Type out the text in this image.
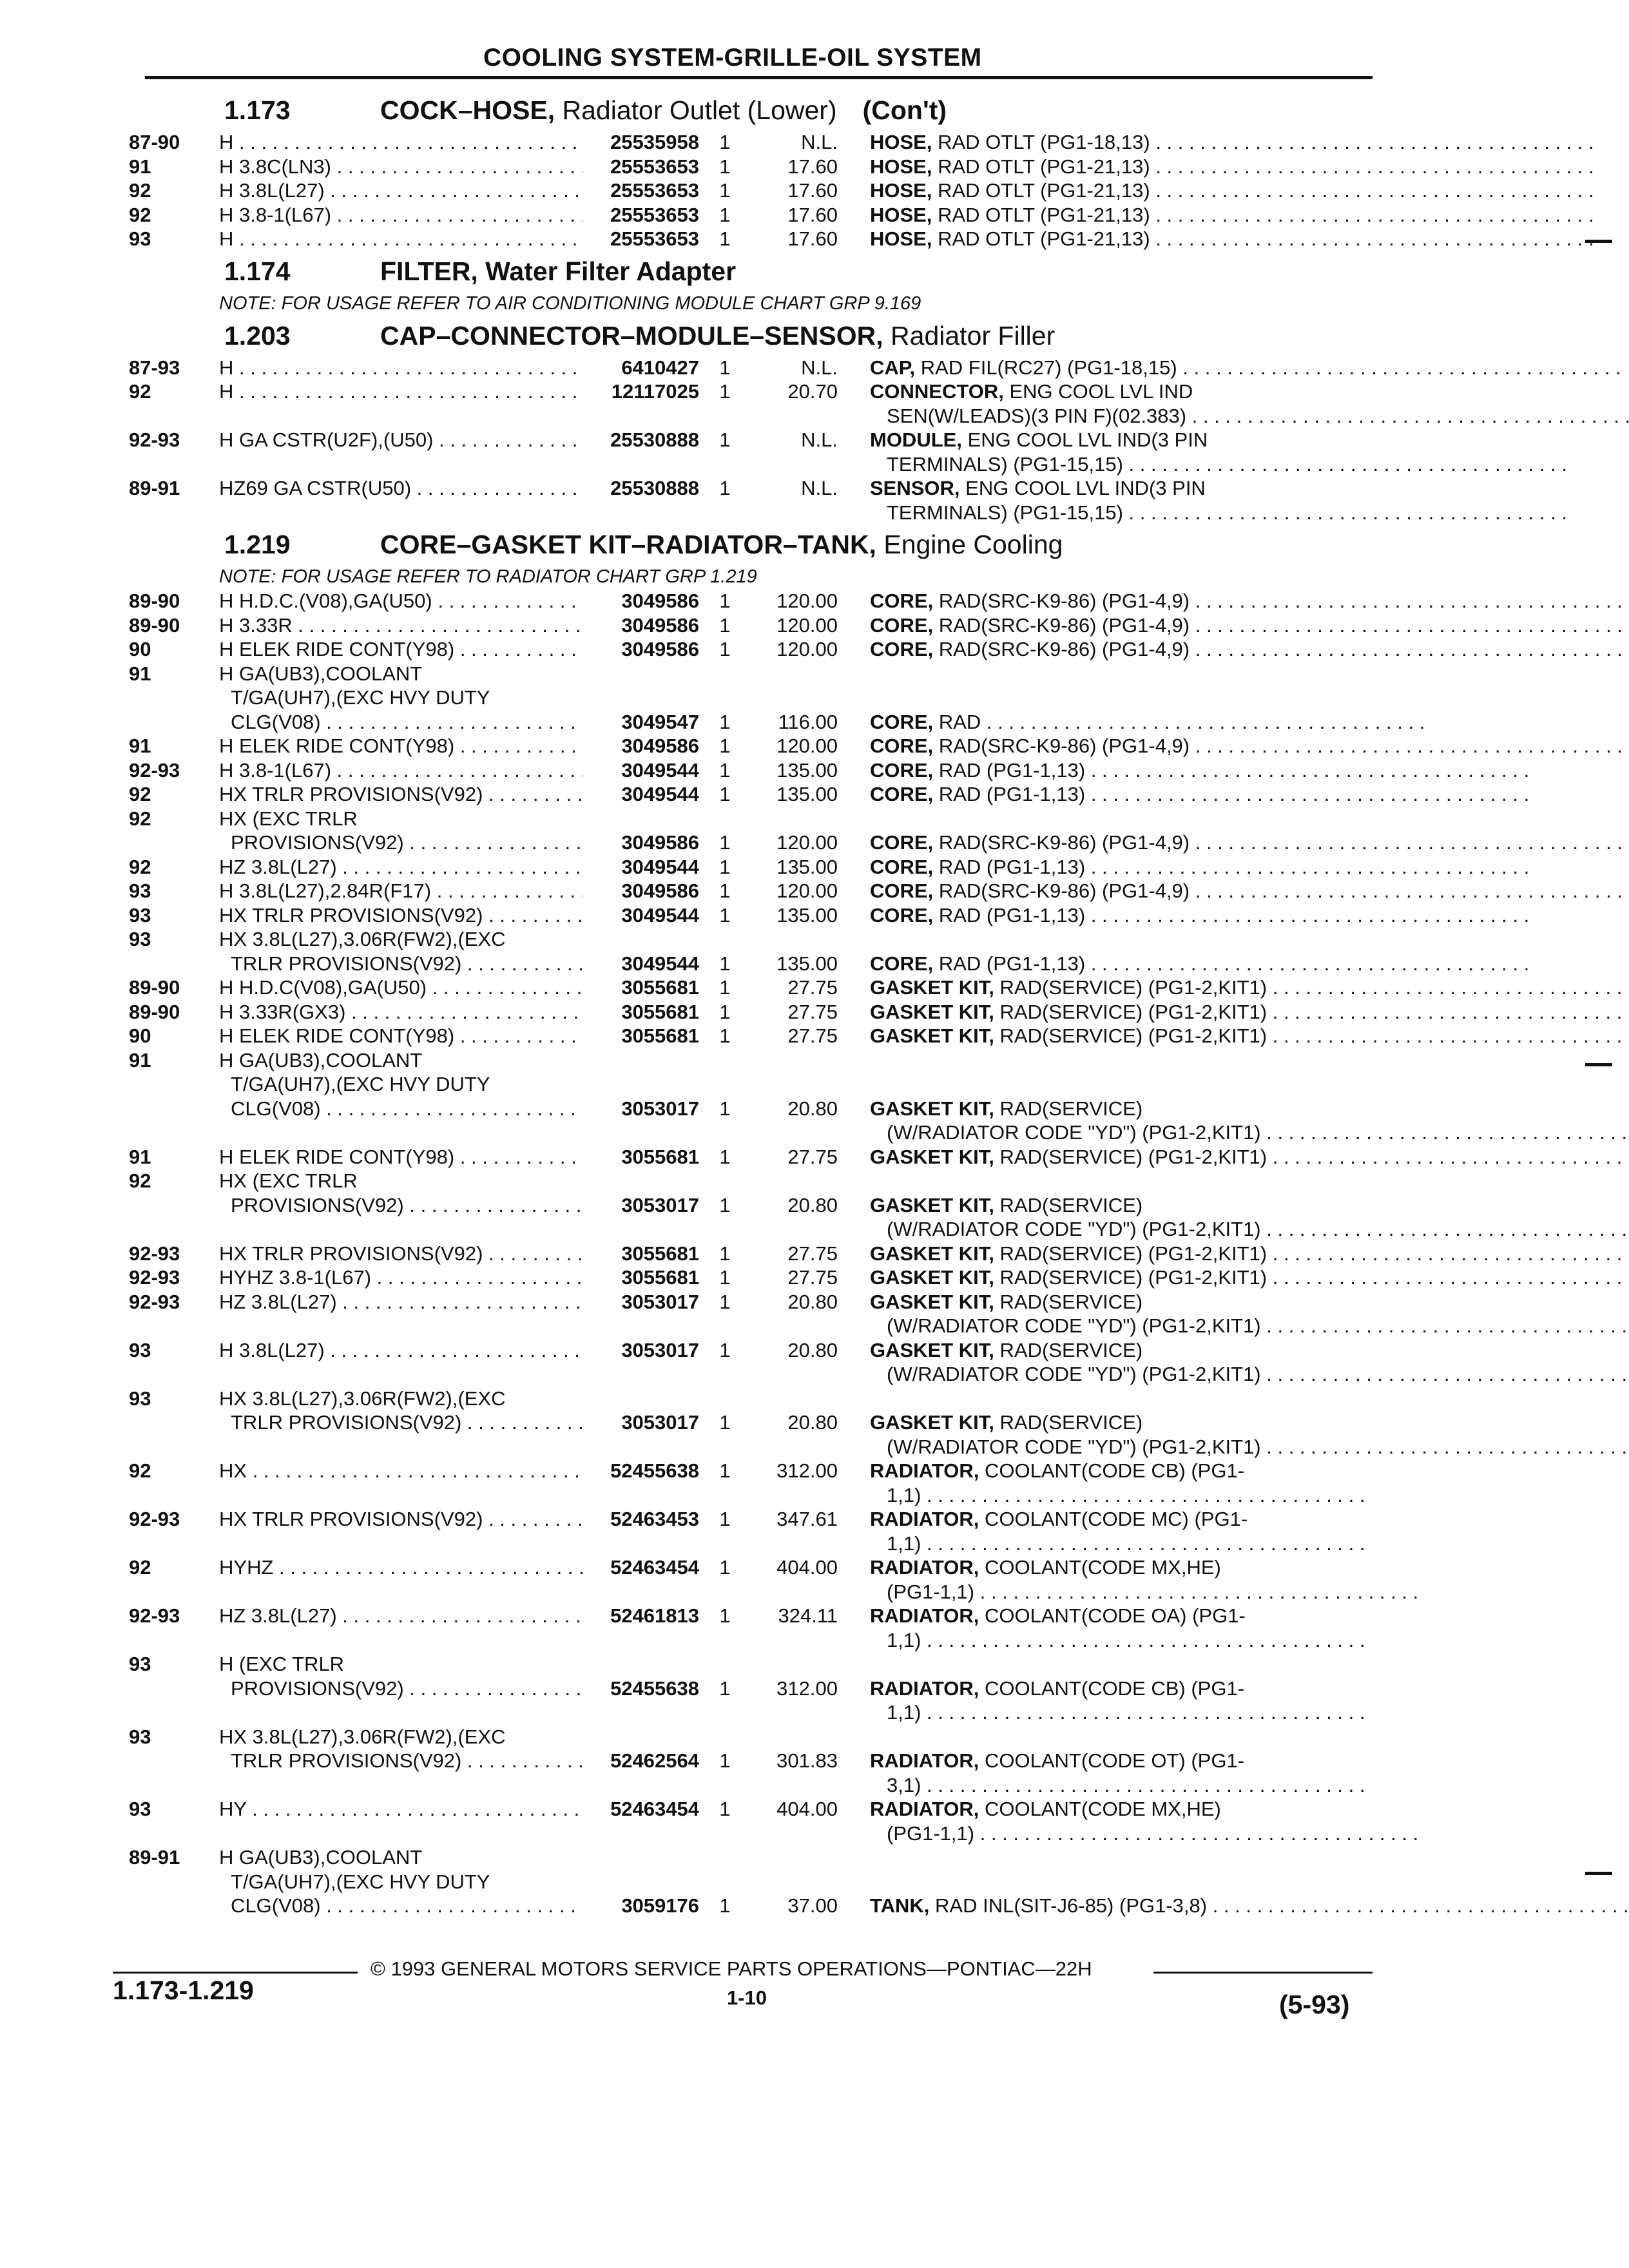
COOLING SYSTEM-GRILLE-OIL SYSTEM
1.173	COCK–HOSE, Radiator Outlet (Lower) (Con't)
87-90	H . . .	25535958	1	N.L. HOSE, RAD OTLT (PG1-18,13) . . .
91	H 3.8C(LN3) . . .	25553653	1	17.60 HOSE, RAD OTLT (PG1-21,13) . . .
92	H 3.8L(L27) . . .	25553653	1	17.60 HOSE, RAD OTLT (PG1-21,13) . . .
92	H 3.8-1(L67) . . .	25553653	1	17.60 HOSE, RAD OTLT (PG1-21,13) . . .
93	H . . .	25553653	1	17.60 HOSE, RAD OTLT (PG1-21,13) . . .
1.174	FILTER, Water Filter Adapter
NOTE: FOR USAGE REFER TO AIR CONDITIONING MODULE CHART GRP 9.169
1.203	CAP–CONNECTOR–MODULE–SENSOR, Radiator Filler
87-93	H . . .	6410427	1	N.L. CAP, RAD FIL(RC27) (PG1-18,15) . . .
92	H . . .	12117025	1	20.70 CONNECTOR, ENG COOL LVL IND
SEN(W/LEADS)(3 PIN F)(02.383) . . .
92-93	H GA CSTR(U2F),(U50) . . .	25530888	1	N.L. MODULE, ENG COOL LVL IND(3 PIN
TERMINALS) (PG1-15,15) . . .
89-91	HZ69 GA CSTR(U50) . . .	25530888	1	N.L. SENSOR, ENG COOL LVL IND(3 PIN
TERMINALS) (PG1-15,15) . . .
1.219	CORE–GASKET KIT–RADIATOR–TANK, Engine Cooling
NOTE: FOR USAGE REFER TO RADIATOR CHART GRP 1.219
89-90	H H.D.C.(V08),GA(U50) . . .	3049586	1	120.00 CORE, RAD(SRC-K9-86) (PG1-4,9) . . .
89-90	H 3.33R . . .	3049586	1	120.00 CORE, RAD(SRC-K9-86) (PG1-4,9) . . .
90	H ELEK RIDE CONT(Y98) . . .	3049586	1	120.00 CORE, RAD(SRC-K9-86) (PG1-4,9) . . .
91	H GA(UB3),COOLANT
T/GA(UH7),(EXC HVY DUTY
CLG(V08) . . .	3049547	1	116.00 CORE, RAD . . .
91	H ELEK RIDE CONT(Y98) . . .	3049586	1	120.00 CORE, RAD(SRC-K9-86) (PG1-4,9) . . .
92-93	H 3.8-1(L67) . . .	3049544	1	135.00 CORE, RAD (PG1-1,13) . . .
92	HX TRLR PROVISIONS(V92) . . .	3049544	1	135.00 CORE, RAD (PG1-1,13) . . .
92	HX (EXC TRLR
PROVISIONS(V92) . . .	3049586	1	120.00 CORE, RAD(SRC-K9-86) (PG1-4,9) . . .
92	HZ 3.8L(L27) . . .	3049544	1	135.00 CORE, RAD (PG1-1,13) . . .
93	H 3.8L(L27),2.84R(F17) . . .	3049586	1	120.00 CORE, RAD(SRC-K9-86) (PG1-4,9) . . .
93	HX TRLR PROVISIONS(V92) . . .	3049544	1	135.00 CORE, RAD (PG1-1,13) . . .
93	HX 3.8L(L27),3.06R(FW2),(EXC
TRLR PROVISIONS(V92) . . .	3049544	1	135.00 CORE, RAD (PG1-1,13) . . .
89-90	H H.D.C(V08),GA(U50) . . .	3055681	1	27.75 GASKET KIT, RAD(SERVICE) (PG1-2,KIT1) . . .
89-90	H 3.33R(GX3) . . .	3055681	1	27.75 GASKET KIT, RAD(SERVICE) (PG1-2,KIT1) . . .
90	H ELEK RIDE CONT(Y98) . . .	3055681	1	27.75 GASKET KIT, RAD(SERVICE) (PG1-2,KIT1) . . .
91	H GA(UB3),COOLANT
T/GA(UH7),(EXC HVY DUTY
CLG(V08) . . .	3053017	1	20.80 GASKET KIT, RAD(SERVICE)
(W/RADIATOR CODE "YD") (PG1-2,KIT1) . . .
91	H ELEK RIDE CONT(Y98) . . .	3055681	1	27.75 GASKET KIT, RAD(SERVICE) (PG1-2,KIT1) . . .
92	HX (EXC TRLR
PROVISIONS(V92) . . .	3053017	1	20.80 GASKET KIT, RAD(SERVICE)
(W/RADIATOR CODE "YD") (PG1-2,KIT1) . . .
92-93	HX TRLR PROVISIONS(V92) . . .	3055681	1	27.75 GASKET KIT, RAD(SERVICE) (PG1-2,KIT1) . . .
92-93	HYHZ 3.8-1(L67) . . .	3055681	1	27.75 GASKET KIT, RAD(SERVICE) (PG1-2,KIT1) . . .
92-93	HZ 3.8L(L27) . . .	3053017	1	20.80 GASKET KIT, RAD(SERVICE)
(W/RADIATOR CODE "YD") (PG1-2,KIT1) . . .
93	H 3.8L(L27) . . .	3053017	1	20.80 GASKET KIT, RAD(SERVICE)
(W/RADIATOR CODE "YD") (PG1-2,KIT1) . . .
93	HX 3.8L(L27),3.06R(FW2),(EXC
TRLR PROVISIONS(V92) . . .	3053017	1	20.80 GASKET KIT, RAD(SERVICE)
(W/RADIATOR CODE "YD") (PG1-2,KIT1) . . .
92	HX . . .	52455638	1	312.00 RADIATOR, COOLANT(CODE CB) (PG1-
1,1) . . .
92-93	HX TRLR PROVISIONS(V92) . . .	52463453	1	347.61 RADIATOR, COOLANT(CODE MC) (PG1-
1,1) . . .
92	HYHZ . . .	52463454	1	404.00 RADIATOR, COOLANT(CODE MX,HE)
(PG1-1,1) . . .
92-93	HZ 3.8L(L27) . . .	52461813	1	324.11 RADIATOR, COOLANT(CODE OA) (PG1-
1,1) . . .
93	H (EXC TRLR
PROVISIONS(V92) . . .	52455638	1	312.00 RADIATOR, COOLANT(CODE CB) (PG1-
1,1) . . .
93	HX 3.8L(L27),3.06R(FW2),(EXC
TRLR PROVISIONS(V92) . . .	52462564	1	301.83 RADIATOR, COOLANT(CODE OT) (PG1-
3,1) . . .
93	HY . . .	52463454	1	404.00 RADIATOR, COOLANT(CODE MX,HE)
(PG1-1,1) . . .
89-91	H GA(UB3),COOLANT
T/GA(UH7),(EXC HVY DUTY
CLG(V08) . . .	3059176	1	37.00 TANK, RAD INL(SIT-J6-85) (PG1-3,8) . . .
© 1993 GENERAL MOTORS SERVICE PARTS OPERATIONS—PONTIAC—22H
1.173-1.219	1-10	(5-93)
